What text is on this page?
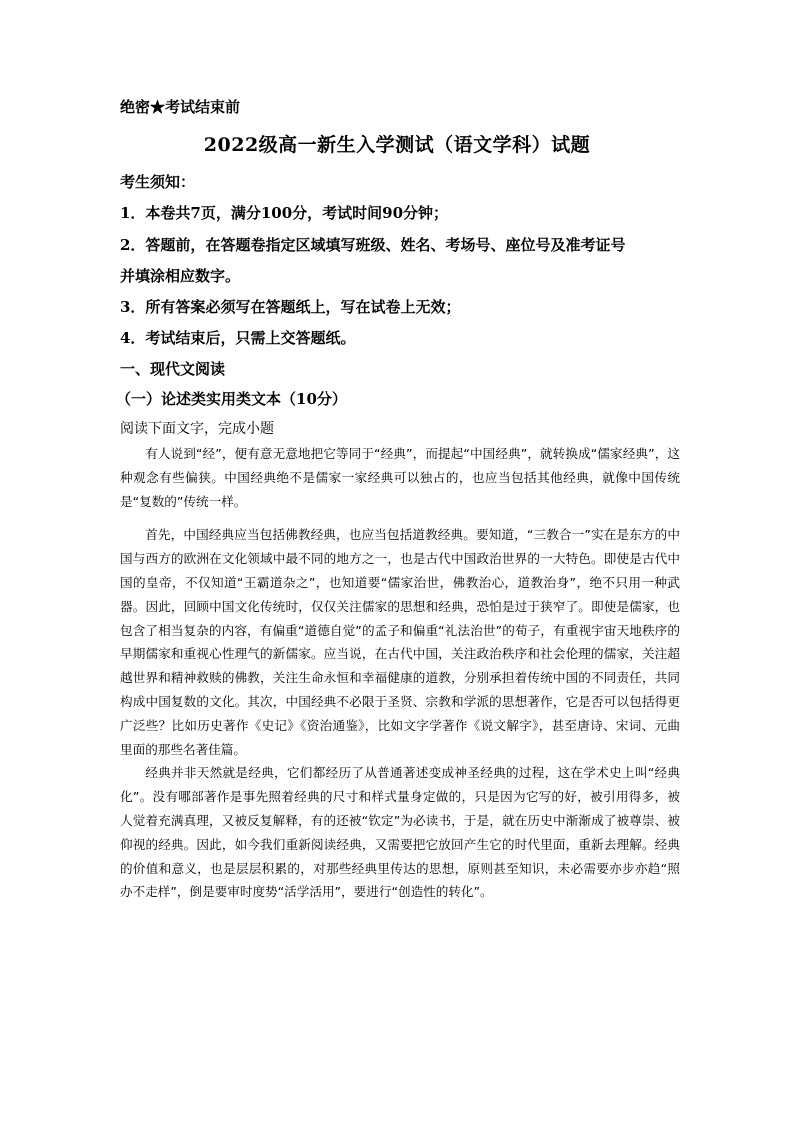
绝密★考试结束前
2022级高一新生入学测试（语文学科）试题
考生须知：
1．本卷共7页，满分100分，考试时间90分钟；
2．答题前，在答题卷指定区域填写班级、姓名、考场号、座位号及准考证号
并填涂相应数字。
3．所有答案必须写在答题纸上，写在试卷上无效；
4．考试结束后，只需上交答题纸。
一、现代文阅读
（一）论述类实用类文本（10分）
阅读下面文字，完成小题

有人说到“经”，便有意无意地把它等同于“经典”，而提起“中国经典”，就转换成“儒家经典”，这种观念有些偏狭。中国经典绝不是儒家一家经典可以独占的，也应当包括其他经典，就像中国传统是“复数的”传统一样。

首先，中国经典应当包括佛教经典，也应当包括道教经典。要知道，“三教合一”实在是东方的中国与西方的欧洲在文化领域中最不同的地方之一，也是古代中国政治世界的一大特色。即使是古代中国的皇帝，不仅知道“王霸道杂之”，也知道要“儒家治世，佛教治心，道教治身”，绝不只用一种武器。因此，回顾中国文化传统时，仅仅关注儒家的思想和经典，恐怕是过于狭窄了。即使是儒家，也包含了相当复杂的内容，有偏重“道德自觉”的孟子和偏重“礼法治世”的荀子，有重视宇宙天地秩序的早期儒家和重视心性理气的新儒家。应当说，在古代中国，关注政治秩序和社会伦理的儒家，关注超越世界和精神救赎的佛教，关注生命永恒和幸福健康的道教，分别承担着传统中国的不同责任，共同构成中国复数的文化。其次，中国经典不必限于圣贤、宗教和学派的思想著作，它是否可以包括得更广泛些？比如历史著作《史记》《资治通鉴》，比如文字学著作《说文解字》，甚至唐诗、宋词、元曲里面的那些名著佳篇。

经典并非天然就是经典，它们都经历了从普通著述变成神圣经典的过程，这在学术史上叫“经典化”。没有哪部著作是事先照着经典的尺寸和样式量身定做的，只是因为它写的好，被引用得多，被人觉着充满真理，又被反复解释，有的还被“钦定”为必读书，于是，就在历史中渐渐成了被尊崇、被仰视的经典。因此，如今我们重新阅读经典，又需要把它放回产生它的时代里面，重新去理解。经典的价值和意义，也是层层积累的，对那些经典里传达的思想，原则甚至知识，未必需要亦步亦趋“照办不走样”，倒是要审时度势“活学活用”，要进行“创造性的转化”。
